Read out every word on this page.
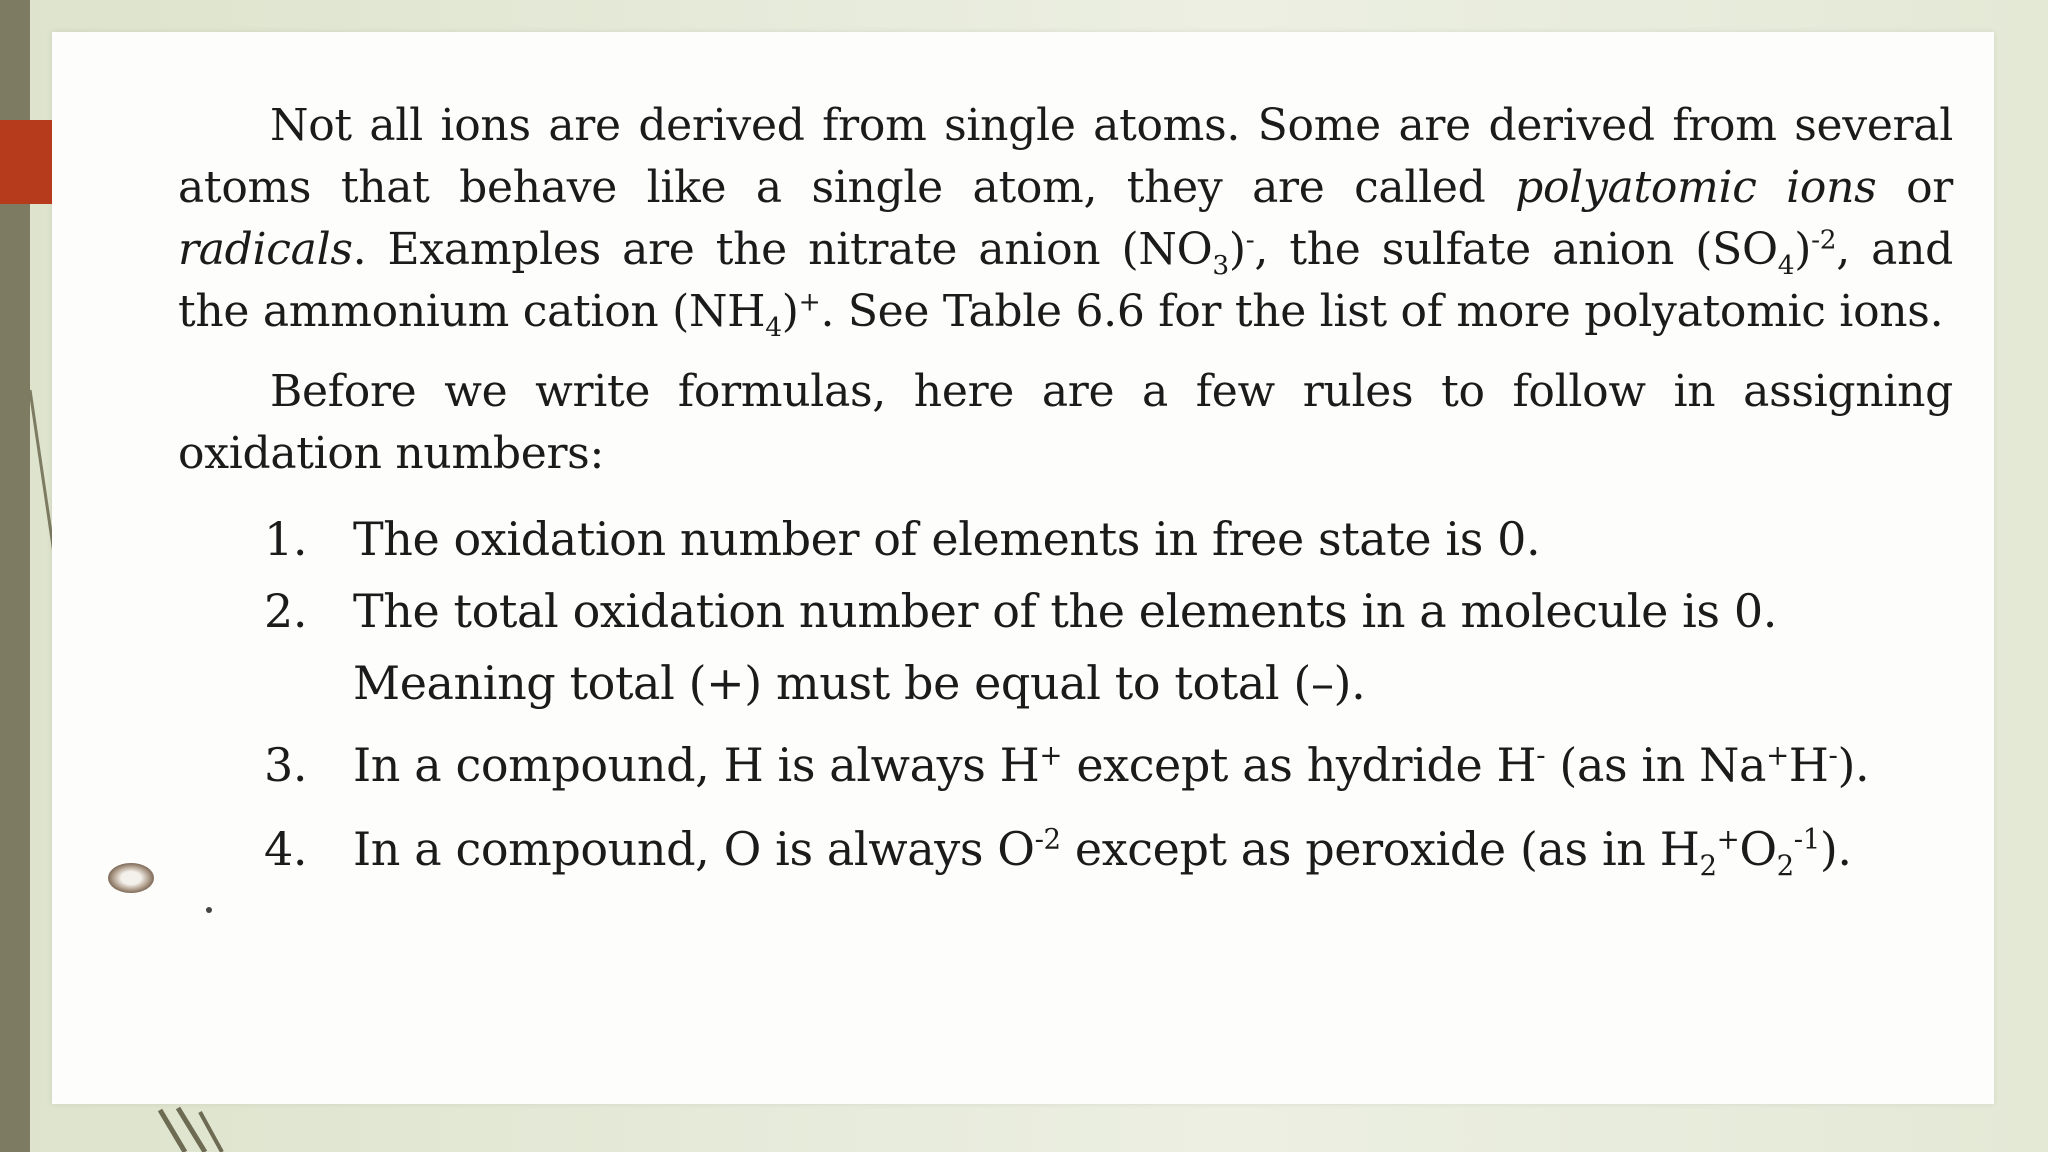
Not all ions are derived from single atoms. Some are derived from several atoms that behave like a single atom, they are called polyatomic ions or radicals. Examples are the nitrate anion $(NO_3)^-$, the sulfate anion $(SO_4)^{-2}$, and the ammonium cation $(NH_4)^+$. See Table 6.6 for the list of more polyatomic ions.

Before we write formulas, here are a few rules to follow in assigning oxidation numbers:

1. The oxidation number of elements in free state is 0.
2. The total oxidation number of the elements in a molecule is 0. Meaning total (+) must be equal to total (–).
3. In a compound, H is always H+ except as hydride H- (as in Na+H-).
4. In a compound, O is always $O^{-2}$ except as peroxide (as in $H_2^+O_2^{-1}$).
